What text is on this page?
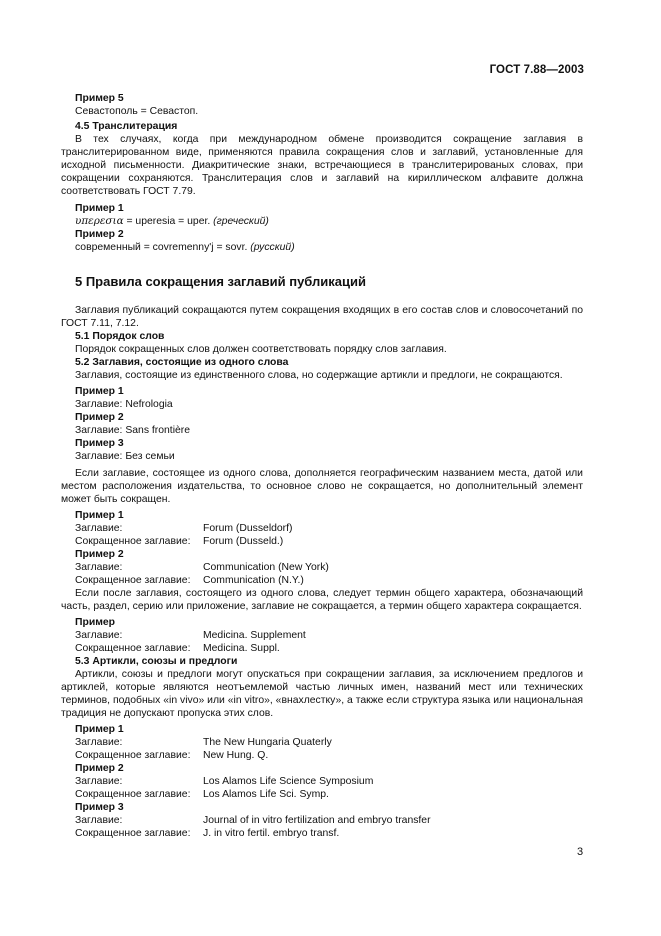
ГОСТ 7.88—2003
Пример 5
Севастополь = Севастоп.
4.5 Транслитерация

В тех случаях, когда при международном обмене производится сокращение заглавия в транслитерированном виде, применяются правила сокращения слов и заглавий, установленные для исходной письменности. Диакритические знаки, встречающиеся в транслитерированых словах, при сокращении сохраняются. Транслитерация слов и заглавий на кириллическом алфавите должна соответствовать ГОСТ 7.79.

Пример 1
υπερεσια = uperesia = uper. (греческий)
Пример 2
современный = covremenny'j = sovr. (русский)
5 Правила сокращения заглавий публикаций

Заглавия публикаций сокращаются путем сокращения входящих в его состав слов и словосочетаний по ГОСТ 7.11, 7.12.

5.1 Порядок слов
Порядок сокращенных слов должен соответствовать порядку слов заглавия.
5.2 Заглавия, состоящие из одного слова
Заглавия, состоящие из единственного слова, но содержащие артикли и предлоги, не сокращаются.
Пример 1
Заглавие: Nefrologia
Пример 2
Заглавие: Sans frontière
Пример 3
Заглавие: Без семьи

Если заглавие, состоящее из одного слова, дополняется географическим названием места, датой или местом расположения издательства, то основное слово не сокращается, но дополнительный элемент может быть сокращен.

Пример 1
Заглавие:	Forum (Dusseldorf)
Сокращенное заглавие:	Forum (Dusseld.)
Пример 2
Заглавие:	Communication (New York)
Сокращенное заглавие:	Communication (N.Y.)

Если после заглавия, состоящего из одного слова, следует термин общего характера, обозначающий часть, раздел, серию или приложение, заглавие не сокращается, а термин общего характера сокращается.

Пример
Заглавие:	Medicina. Supplement
Сокращенное заглавие:	Medicina. Suppl.
5.3 Артикли, союзы и предлоги

Артикли, союзы и предлоги могут опускаться при сокращении заглавия, за исключением предлогов и артиклей, которые являются неотъемлемой частью личных имен, названий мест или технических терминов, подобных «in vivo» или «in vitro», «внахлестку», а также если структура языка или национальная традиция не допускают пропуска этих слов.

Пример 1
Заглавие:	The New Hungaria Quaterly
Сокращенное заглавие:	New Hung. Q.
Пример 2
Заглавие:	Los Alamos Life Science Symposium
Сокращенное заглавие:	Los Alamos Life Sci. Symp.
Пример 3
Заглавие:	Journal of in vitro fertilization and embryo transfer
Сокращенное заглавие:	J. in vitro fertil. embryo transf.
3
